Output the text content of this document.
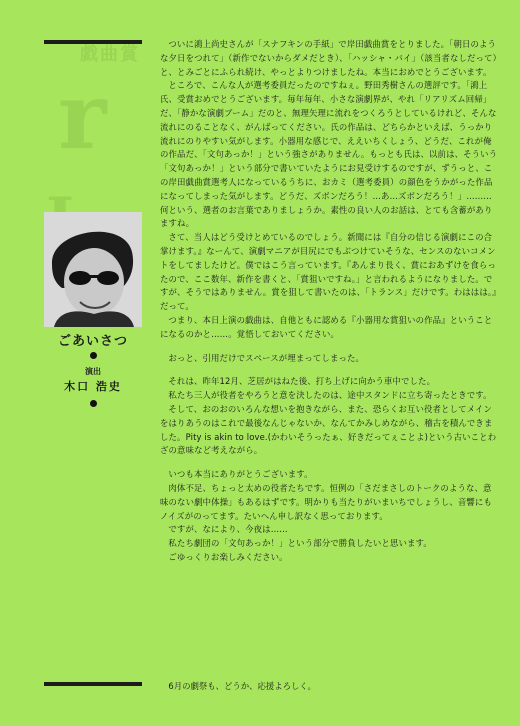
戯曲賞
r
ごあいさつ
演出
木口 浩史

ついに鴻上尚史さんが「スナフキンの手紙」で岸田戯曲賞をとりました。「朝日のような夕日をつれて」（新作でないからダメだとき）、「ハッシャ・バイ」（該当者なしだって）と、とみごとにふられ続け、やっとよりつけましたね。本当におめでとうございます。

ところで、こんな人が選考委員だったのですねぇ。野田秀樹さんの選評です。「鴻上氏、受賞おめでとうございます。毎年毎年、小さな演劇界が、やれ「リアリズム回帰」だ、「静かな演劇ブーム」だのと、無理矢理に流れをつくろうとしているけれど、そんな流れにのることなく、がんばってください。氏の作品は、どちらかといえば、うっかり流れにのりやすい気がします。小器用な感じで、ええいちくしょう、どうだ、これが俺の作品だ、「文句あっか！」という強さがありません。もっとも氏は、以前は、そういう「文句あっか！」という部分で書いていたようにお見受けするのですが、ずうっと、この岸田戯曲賞選考人になっているうちに、おカミ（選考委員）の顔色をうかがった作品になってしまった気がします。どうだ、ズボンだろう！…あ…ズボンだろう！」………何という、選者のお言葉でありましょうか。素性の良い人のお話は、とても含蓄がありますね。

さて、当人はどう受けとめているのでしょう。新聞には『自分の信じる演劇にこの合掌けます。』なーんて、演劇マニアが目尻にでもぶつけていそうな、センスのないコメントをしてましたけど。僕ではこう言っています。『あんまり長く、賞におあずけを食らったので、ここ数年、新作を書くと、「賞狙いですね。」と言われるようになりました。ですが、そうではありません。賞を狙して書いたのは、「トランス」だけです。わははは。』だって。

つまり、本日上演の戯曲は、自他ともに認める『小器用な賞狙いの作品』ということになるのかと……。覚悟しておいてください。

おっと、引用だけでスペースが埋まってしまった。

それは、昨年12月、芝居がはねた後、打ち上げに向かう車中でした。

私たち三人が役者をやろうと意を決したのは、途中スタンドに立ち寄ったときです。

そして、おのおのいろんな想いを抱きながら、また、恐らくお互い役者としてメインをはりあうのはこれで最後なんじゃないか、なんてかみしめながら、稽古を積んできました。Pity is akin to love.(かわいそうったぁ、好きだってぇことよ)という古いことわざの意味など考えながら。

いつも本当にありがとうございます。

肉体不足、ちょっと太めの役者たちです。恒例の「さだまさしのトークのような、意味のない劇中体操」もあるはずです。明かりも当たりがいまいちでしょうし、音響にもノイズがのってます。たいへん申し訳なく思っております。

ですが、なにより、今夜は……

私たち劇団の「文句あっか！」という部分で勝負したいと思います。

ごゆっくりお楽しみください。

6月の劇祭も、どうか、応援よろしく。
